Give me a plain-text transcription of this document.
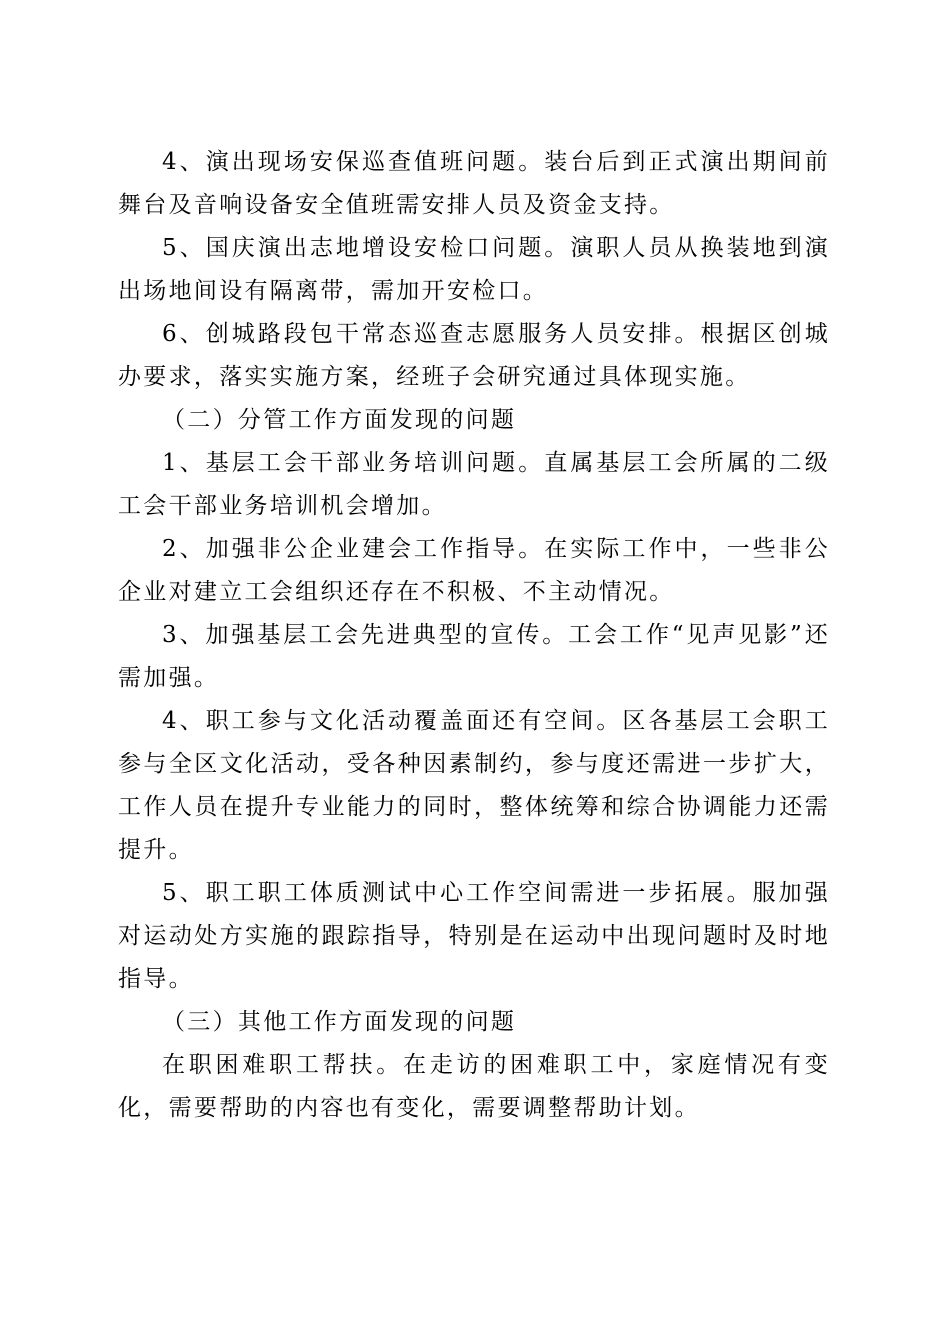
4、演出现场安保巡查值班问题。装台后到正式演出期间前舞台及音响设备安全值班需安排人员及资金支持。

5、国庆演出志地增设安检口问题。演职人员从换装地到演出场地间设有隔离带，需加开安检口。

6、创城路段包干常态巡查志愿服务人员安排。根据区创城办要求，落实实施方案，经班子会研究通过具体现实施。

（二）分管工作方面发现的问题

1、基层工会干部业务培训问题。直属基层工会所属的二级工会干部业务培训机会增加。

2、加强非公企业建会工作指导。在实际工作中，一些非公企业对建立工会组织还存在不积极、不主动情况。

3、加强基层工会先进典型的宣传。工会工作“见声见影”还需加强。

4、职工参与文化活动覆盖面还有空间。区各基层工会职工参与全区文化活动，受各种因素制约，参与度还需进一步扩大，工作人员在提升专业能力的同时，整体统筹和综合协调能力还需提升。

5、职工职工体质测试中心工作空间需进一步拓展。服加强对运动处方实施的跟踪指导，特别是在运动中出现问题时及时地指导。

（三）其他工作方面发现的问题

在职困难职工帮扶。在走访的困难职工中，家庭情况有变化，需要帮助的内容也有变化，需要调整帮助计划。
